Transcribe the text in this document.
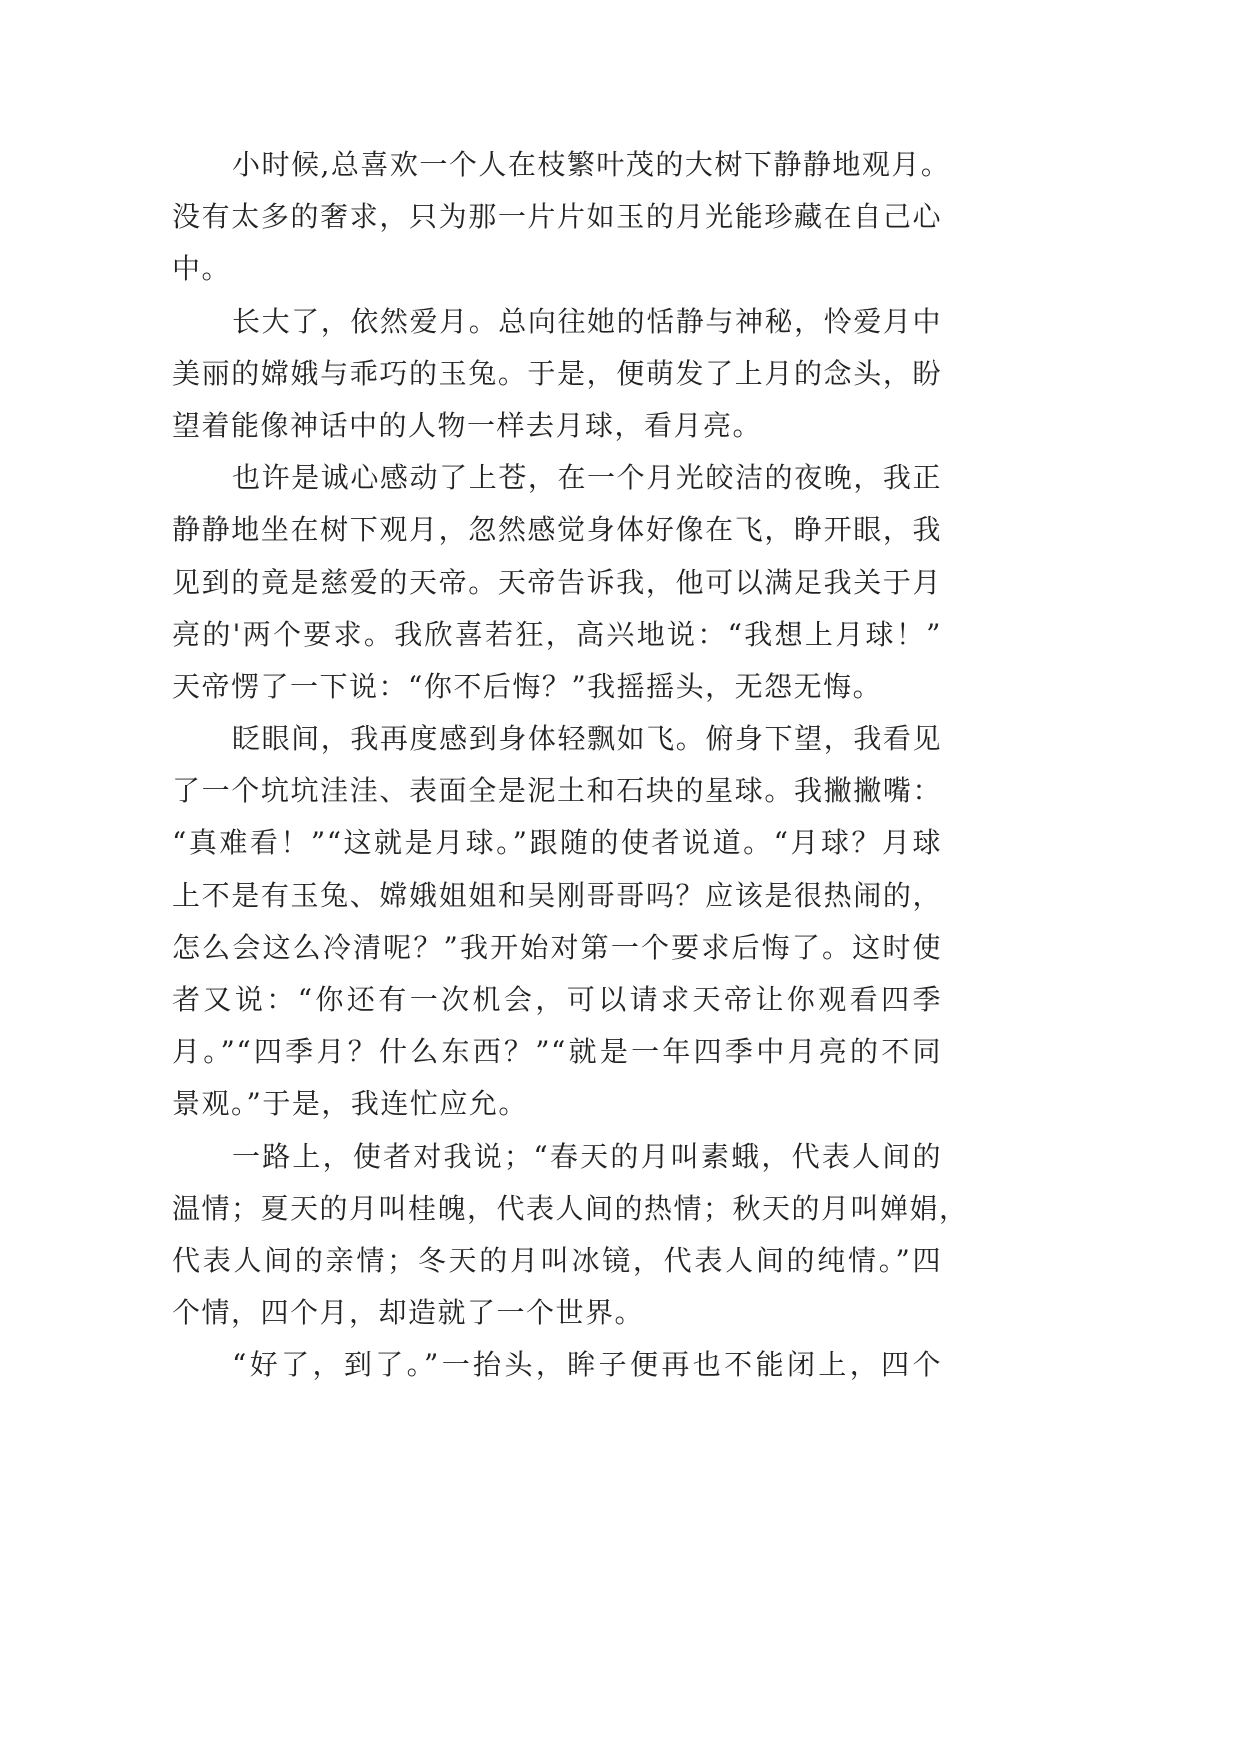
小时候,总喜欢一个人在枝繁叶茂的大树下静静地观月。
没有太多的奢求，只为那一片片如玉的月光能珍藏在自己心
中。
长大了，依然爱月。总向往她的恬静与神秘，怜爱月中
美丽的嫦娥与乖巧的玉兔。于是，便萌发了上月的念头，盼
望着能像神话中的人物一样去月球，看月亮。
也许是诚心感动了上苍，在一个月光皎洁的夜晚，我正
静静地坐在树下观月，忽然感觉身体好像在飞，睁开眼，我
见到的竟是慈爱的天帝。天帝告诉我，他可以满足我关于月
亮的'两个要求。我欣喜若狂，高兴地说：“我想上月球！”
天帝愣了一下说：“你不后悔？”我摇摇头，无怨无悔。
眨眼间，我再度感到身体轻飘如飞。俯身下望，我看见
了一个坑坑洼洼、表面全是泥土和石块的星球。我撇撇嘴：
“真难看！”“这就是月球。”跟随的使者说道。“月球？月球
上不是有玉兔、嫦娥姐姐和吴刚哥哥吗？应该是很热闹的，
怎么会这么冷清呢？”我开始对第一个要求后悔了。这时使
者又说：“你还有一次机会，可以请求天帝让你观看四季
月。”“四季月？什么东西？”“就是一年四季中月亮的不同
景观。”于是，我连忙应允。
一路上，使者对我说；“春天的月叫素蛾，代表人间的
温情；夏天的月叫桂魄，代表人间的热情；秋天的月叫婵娟，
代表人间的亲情；冬天的月叫冰镜，代表人间的纯情。”四
个情，四个月，却造就了一个世界。
“好了，到了。”一抬头，眸子便再也不能闭上，四个
